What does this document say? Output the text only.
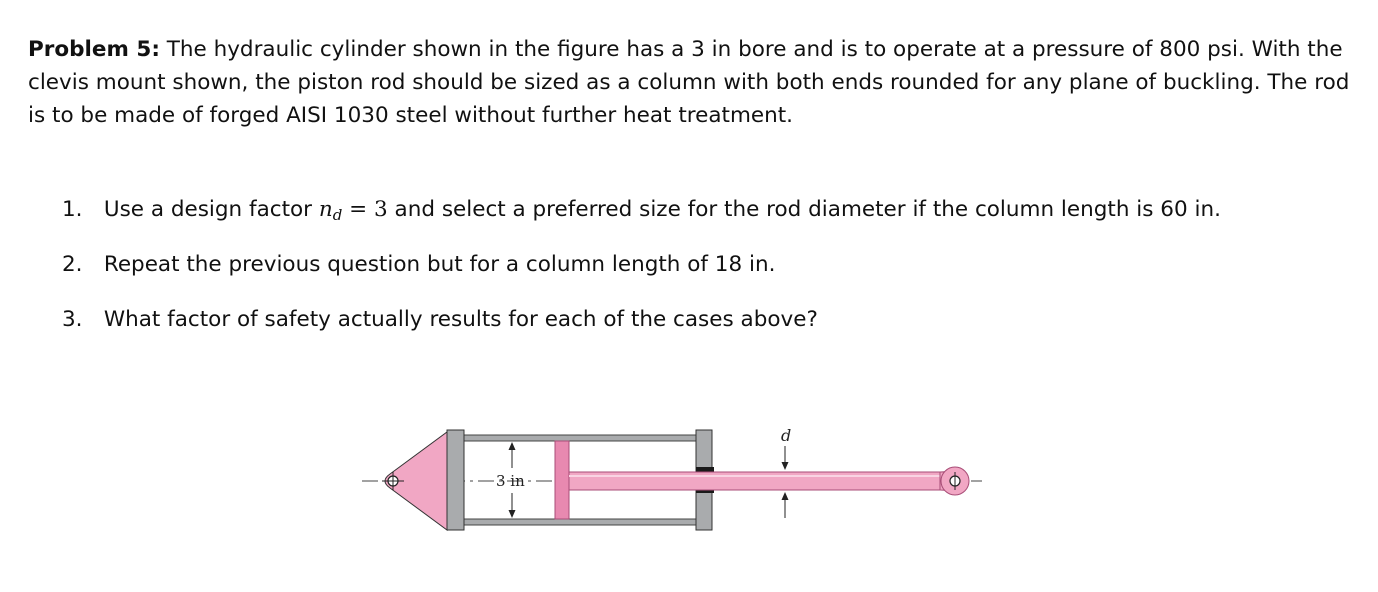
Problem 5: The hydraulic cylinder shown in the figure has a 3 in bore and is to operate at a pressure of 800 psi. With the clevis mount shown, the piston rod should be sized as a column with both ends rounded for any plane of buckling. The rod is to be made of forged AISI 1030 steel without further heat treatment.
1. Use a design factor $n_d = 3$ and select a preferred size for the rod diameter if the column length is 60 in.
2. Repeat the previous question but for a column length of 18 in.
3. What factor of safety actually results for each of the cases above?
3 in
d
